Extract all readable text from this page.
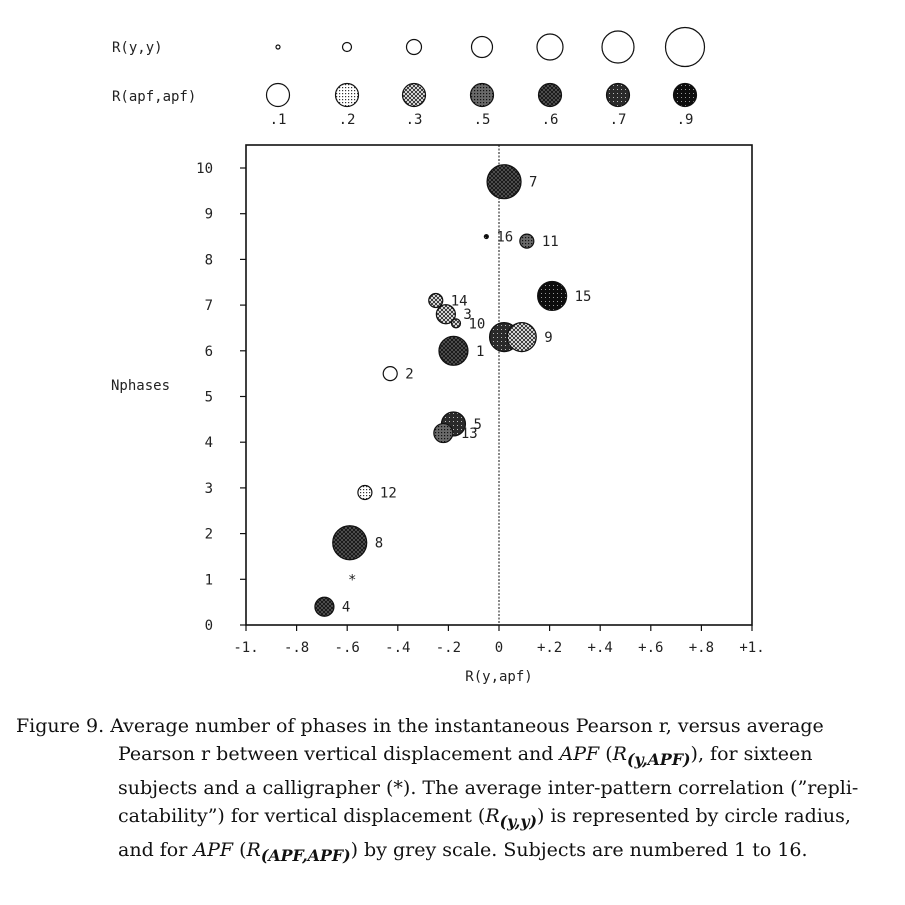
R(y,y)
R(apf,apf)
.1	.2	.3	.5	.6	.7	.9
-1. -.8 -.6 -.4 -.2 0 +.2 +.4 +.6 +.8 +1.
0
1
2
3
4
5
6
7
8
9
10
R(y,apf)
Nphases
1
2
3
4
5
7
8
9
10
11
12
13
14	15
16
*
Figure 9. Average number of phases in the instantaneous Pearson r, versus average
Pearson r between vertical displacement and APF $(R_{(y,APF)})$, for sixteen
subjects and a calligrapher (*). The average inter-pattern correlation (”repli-
catability”) for vertical displacement $(R_{(y,y)})$ is represented by circle radius,
and for APF $(R_{(APF,APF)})$ by grey scale. Subjects are numbered 1 to 16.
